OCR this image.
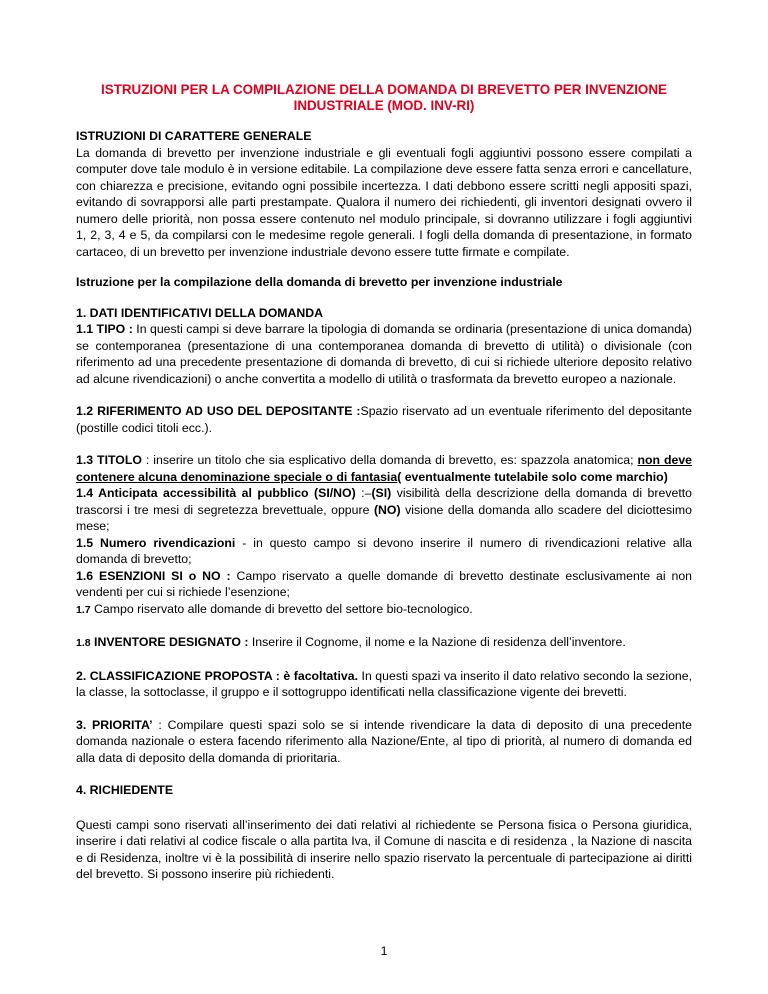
ISTRUZIONI PER LA COMPILAZIONE DELLA DOMANDA DI BREVETTO PER INVENZIONE
INDUSTRIALE (MOD. INV-RI)

ISTRUZIONI DI CARATTERE GENERALE

La domanda di brevetto per invenzione industriale e gli eventuali fogli aggiuntivi possono essere compilati a computer dove tale modulo è in versione editabile. La compilazione deve essere fatta senza errori e cancellature, con chiarezza e precisione, evitando ogni possibile incertezza. I dati debbono essere scritti negli appositi spazi, evitando di sovrapporsi alle parti prestampate. Qualora il numero dei richiedenti, gli inventori designati ovvero il numero delle priorità, non possa essere contenuto nel modulo principale, si dovranno utilizzare i fogli aggiuntivi 1, 2, 3, 4 e 5, da compilarsi con le medesime regole generali. I fogli della domanda di presentazione, in formato cartaceo, di un brevetto per invenzione industriale devono essere tutte firmate e compilate.

Istruzione per la compilazione della domanda di brevetto per invenzione industriale

1. DATI IDENTIFICATIVI DELLA DOMANDA

1.1 TIPO : In questi campi si deve barrare la tipologia di domanda se ordinaria (presentazione di unica domanda) se contemporanea (presentazione di una contemporanea domanda di brevetto di utilità) o divisionale (con riferimento ad una precedente presentazione di domanda di brevetto, di cui si richiede ulteriore deposito relativo ad alcune rivendicazioni) o anche convertita a modello di utilità o trasformata da brevetto europeo a nazionale.

1.2 RIFERIMENTO AD USO DEL DEPOSITANTE :Spazio riservato ad un eventuale riferimento del depositante (postille codici titoli ecc.).

1.3 TITOLO : inserire un titolo che sia esplicativo della domanda di brevetto, es: spazzola anatomica; non deve contenere alcuna denominazione speciale o di fantasia( eventualmente tutelabile solo come marchio)

1.4 Anticipata accessibilità al pubblico (SI/NO) :–(SI) visibilità della descrizione della domanda di brevetto trascorsi i tre mesi di segretezza brevettuale, oppure (NO) visione della domanda allo scadere del diciottesimo mese;

1.5 Numero rivendicazioni - in questo campo si devono inserire il numero di rivendicazioni relative alla domanda di brevetto;

1.6 ESENZIONI SI o NO : Campo riservato a quelle domande di brevetto destinate esclusivamente ai non vendenti per cui si richiede l’esenzione;

1.7 Campo riservato alle domande di brevetto del settore bio-tecnologico.

1.8 INVENTORE DESIGNATO : Inserire il Cognome, il nome e la Nazione di residenza dell’inventore.

2. CLASSIFICAZIONE PROPOSTA : è facoltativa. In questi spazi va inserito il dato relativo secondo la sezione, la classe, la sottoclasse, il gruppo e il sottogruppo identificati nella classificazione vigente dei brevetti.

3. PRIORITA’ : Compilare questi spazi solo se si intende rivendicare la data di deposito di una precedente domanda nazionale o estera facendo riferimento alla Nazione/Ente, al tipo di priorità, al numero di domanda ed alla data di deposito della domanda di prioritaria.

4. RICHIEDENTE

Questi campi sono riservati all’inserimento dei dati relativi al richiedente se Persona fisica o Persona giuridica, inserire i dati relativi al codice fiscale o alla partita Iva, il Comune di nascita e di residenza , la Nazione di nascita e di Residenza, inoltre vi è la possibilità di inserire nello spazio riservato la percentuale di partecipazione ai diritti del brevetto. Si possono inserire più richiedenti.

1
